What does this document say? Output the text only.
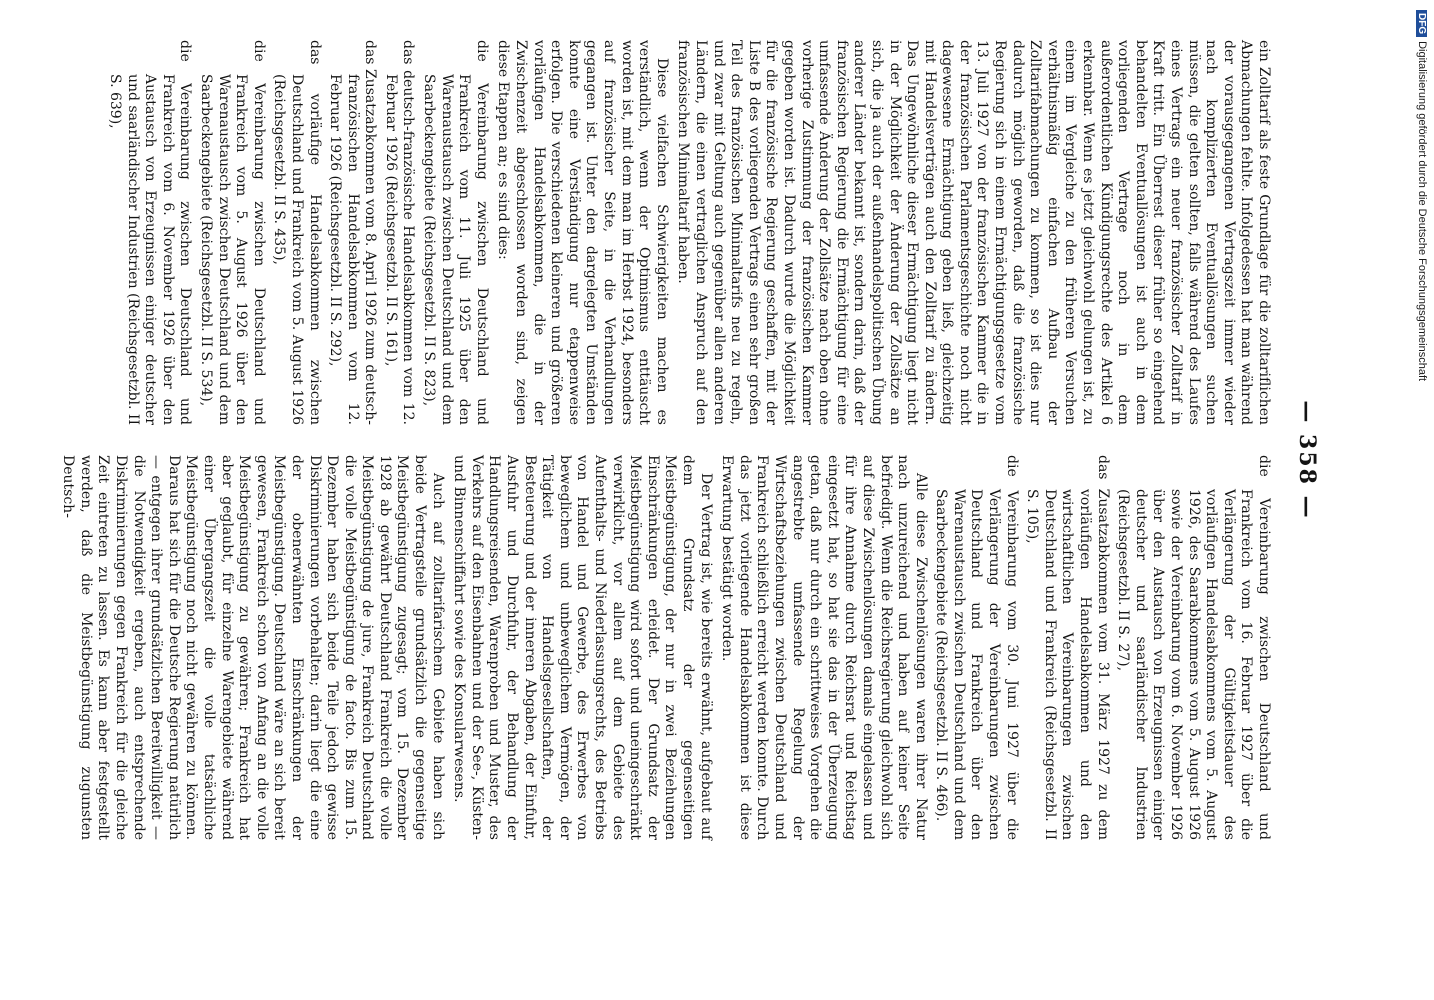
— 358 —

ein Zolltarif als feste Grundlage für die zolltariflichen Abmachungen fehlte. Infolgedessen hat man während der vorausgegangenen Vertragszeit immer wieder nach komplizierten Eventuallösungen suchen müssen, die gelten sollten, falls während des Laufes eines Vertrags ein neuer französischer Zolltarif in Kraft tritt. Ein Überrest dieser früher so eingehend behandelten Eventuallösungen ist auch in dem vorliegenden Vertrage noch in dem außerordentlichen Kündigungsrechte des Artikel 6 erkennbar. Wenn es jetzt gleichwohl gelungen ist, zu einem im Vergleiche zu den früheren Versuchen verhältnismäßig einfachen Aufbau der Zolltarifabmachungen zu kommen, so ist dies nur dadurch möglich geworden, daß die französische Regierung sich in einem Ermächtigungsgesetze vom 13. Juli 1927 von der französischen Kammer die in der französischen Parlamentsgeschichte noch nicht dagewesene Ermächtigung geben ließ, gleichzeitig mit Handelsverträgen auch den Zolltarif zu ändern. Das Ungewöhnliche dieser Ermächtigung liegt nicht in der Möglichkeit der Änderung der Zollsätze an sich, die ja auch der außenhandelspolitischen Übung anderer Länder bekannt ist, sondern darin, daß der französischen Regierung die Ermächtigung für eine umfassende Änderung der Zollsätze nach oben ohne vorherige Zustimmung der französischen Kammer gegeben worden ist. Dadurch wurde die Möglichkeit für die französische Regierung geschaffen, mit der Liste B des vorliegenden Vertrags einen sehr großen Teil des französischen Minimaltarifs neu zu regeln, und zwar mit Geltung auch gegenüber allen anderen Ländern, die einen vertraglichen Anspruch auf den französischen Minimaltarif haben.

Diese vielfachen Schwierigkeiten machen es verständlich, wenn der Optimismus enttäuscht worden ist, mit dem man im Herbst 1924, besonders auf französischer Seite, in die Verhandlungen gegangen ist. Unter den dargelegten Umständen konnte eine Verständigung nur etappenweise erfolgen. Die verschiedenen kleineren und größeren vorläufigen Handelsabkommen, die in der Zwischenzeit abgeschlossen worden sind, zeigen diese Etappen an; es sind dies:

die Vereinbarung zwischen Deutschland und Frankreich vom 11. Juli 1925 über den Warenaustausch zwischen Deutschland und dem Saarbeckengebiete (Reichsgesetzbl. II S. 823),

das deutsch-französische Handelsabkommen vom 12. Februar 1926 (Reichsgesetzbl. II S. 161),

das Zusatzabkommen vom 8. April 1926 zum deutsch-französischen Handelsabkommen vom 12. Februar 1926 (Reichsgesetzbl. II S. 292),

das vorläufige Handelsabkommen zwischen Deutschland und Frankreich vom 5. August 1926 (Reichsgesetzbl. II S. 435),

die Vereinbarung zwischen Deutschland und Frankreich vom 5. August 1926 über den Warenaustausch zwischen Deutschland und dem Saarbeckengebiete (Reichsgesetzbl. II S. 534),

die Vereinbarung zwischen Deutschland und Frankreich vom 6. November 1926 über den Austausch von Erzeugnissen einiger deutscher und saarländischer Industrien (Reichsgesetzbl. II S. 639),

die Vereinbarung zwischen Deutschland und Frankreich vom 16. Februar 1927 über die Verlängerung der Gültigkeitsdauer des vorläufigen Handelsabkommens vom 5. August 1926, des Saarabkommens vom 5. August 1926 sowie der Vereinbarung vom 6. November 1926 über den Austausch von Erzeugnissen einiger deutscher und saarländischer Industrien (Reichsgesetzbl. II S. 27),

das Zusatzabkommen vom 31. März 1927 zu dem vorläufigen Handelsabkommen und den wirtschaftlichen Vereinbarungen zwischen Deutschland und Frankreich (Reichsgesetzbl. II S. 105),

die Vereinbarung vom 30. Juni 1927 über die Verlängerung der Vereinbarungen zwischen Deutschland und Frankreich über den Warenaustausch zwischen Deutschland und dem Saarbeckengebiete (Reichsgesetzbl. II S. 466).

Alle diese Zwischenlösungen waren ihrer Natur nach unzureichend und haben auf keiner Seite befriedigt. Wenn die Reichsregierung gleichwohl sich auf diese Zwischenlösungen damals eingelassen und für ihre Annahme durch Reichsrat und Reichstag eingesetzt hat, so hat sie das in der Überzeugung getan, daß nur durch ein schrittweises Vorgehen die angestrebte umfassende Regelung der Wirtschaftsbeziehungen zwischen Deutschland und Frankreich schließlich erreicht werden konnte. Durch das jetzt vorliegende Handelsabkommen ist diese Erwartung bestätigt worden.

Der Vertrag ist, wie bereits erwähnt, aufgebaut auf dem Grundsatz der gegenseitigen Meistbegünstigung, der nur in zwei Beziehungen Einschränkungen erleidet. Der Grundsatz der Meistbegünstigung wird sofort und uneingeschränkt verwirklicht, vor allem auf dem Gebiete des Aufenthalts- und Niederlassungsrechts, des Betriebs von Handel und Gewerbe, des Erwerbes von beweglichem und unbeweglichem Vermögen, der Tätigkeit von Handelsgesellschaften, der Besteuerung und der inneren Abgaben, der Einfuhr, Ausfuhr und Durchfuhr, der Behandlung der Handlungsreisenden, Warenproben und Muster, des Verkehrs auf den Eisenbahnen und der See-, Küsten- und Binnenschiffahrt sowie des Konsularwesens.

Auch auf zolltarifarischem Gebiete haben sich beide Vertragsteile grundsätzlich die gegenseitige Meistbegünstigung zugesagt; vom 15. Dezember 1928 ab gewährt Deutschland Frankreich die volle Meistbegünstigung de jure, Frankreich Deutschland die volle Meistbegünstigung de facto. Bis zum 15. Dezember haben sich beide Teile jedoch gewisse Diskriminierungen vorbehalten; darin liegt die eine der obenerwähnten Einschränkungen der Meistbegünstigung. Deutschland wäre an sich bereit gewesen, Frankreich schon von Anfang an die volle Meistbegünstigung zu gewähren; Frankreich hat aber geglaubt, für einzelne Warengebiete während einer Übergangszeit die volle tatsächliche Meistbegünstigung noch nicht gewähren zu können. Daraus hat sich für die Deutsche Regierung natürlich — entgegen ihrer grundsätzlichen Bereitwilligkeit — die Notwendigkeit ergeben, auch entsprechende Diskriminierungen gegen Frankreich für die gleiche Zeit eintreten zu lassen. Es kann aber festgestellt werden, daß die Meistbegünstigung zugunsten Deutsch-

DFGDigitalisierung gefördert durch die Deutsche Forschungsgemeinschaft
